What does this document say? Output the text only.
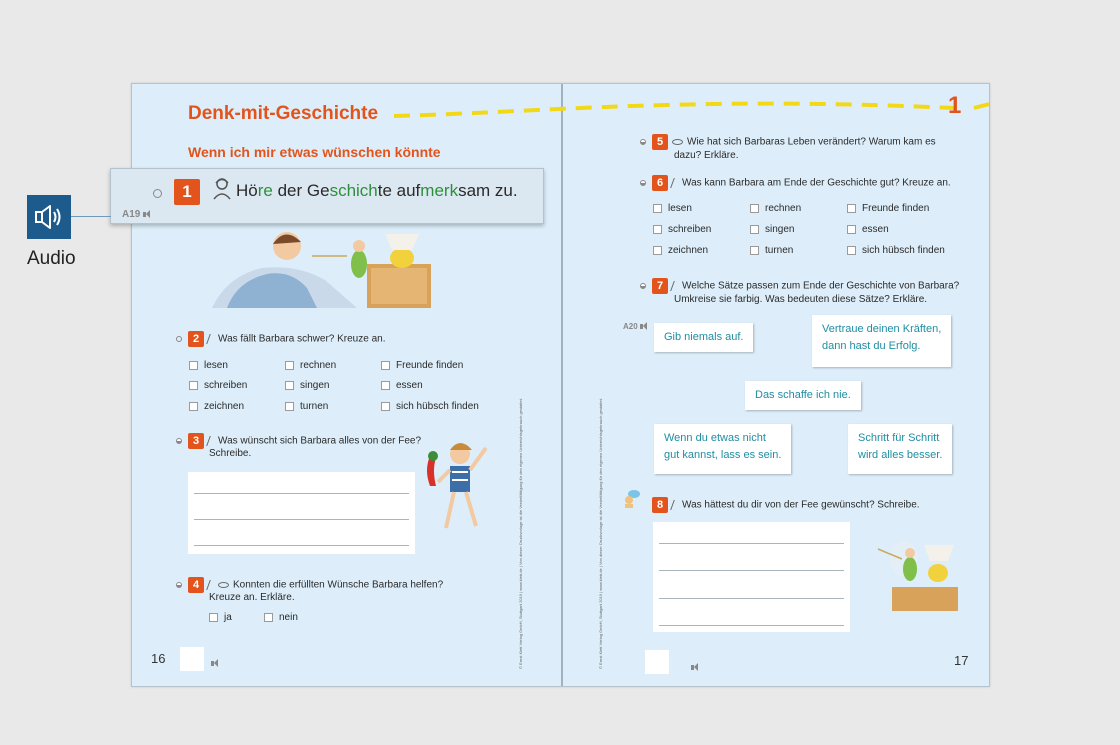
Denk-mit-Geschichte
Wenn ich mir etwas wünschen könnte
2 Was fällt Barbara schwer? Kreuze an.
lesen	rechnen	Freunde finden
schreiben	singen	essen
zeichnen	turnen	sich hübsch finden
3 Was wünscht sich Barbara alles von der Fee?
Schreibe.
4	Konnten die erfüllten Wünsche Barbara helfen?
Kreuze an. Erkläre.
ja	nein
16
	© Ernst Klett Verlag GmbH, Stuttgart 2019 | www.klett.de | Von dieser Druckvorlage ist die Vervielfältigung für den eigenen Unterrichtsgebrauch gestattet.
1
5 Wie hat sich Barbaras Leben verändert? Warum kam es
dazu? Erkläre.
6 Was kann Barbara am Ende der Geschichte gut? Kreuze an.
lesen	rechnen	Freunde finden
schreiben	singen	essen
zeichnen	turnen	sich hübsch finden
7 Welche Sätze passen zum Ende der Geschichte von Barbara?
Umkreise sie farbig. Was bedeuten diese Sätze? Erkläre.
A20
Gib niemals auf.
Vertraue deinen Kräften,
dann hast du Erfolg.
Das schaffe ich nie.
Wenn du etwas nicht
gut kannst, lass es sein.
Schritt für Schritt
wird alles besser.
8 Was hättest du dir von der Fee gewünscht? Schreibe.
17
© Ernst Klett Verlag GmbH, Stuttgart 2019 | www.klett.de | Von dieser Druckvorlage ist die Vervielfältigung für den eigenen Unterrichtsgebrauch gestattet.
1	Höre der Geschichte aufmerksam zu.
A19
Audio
